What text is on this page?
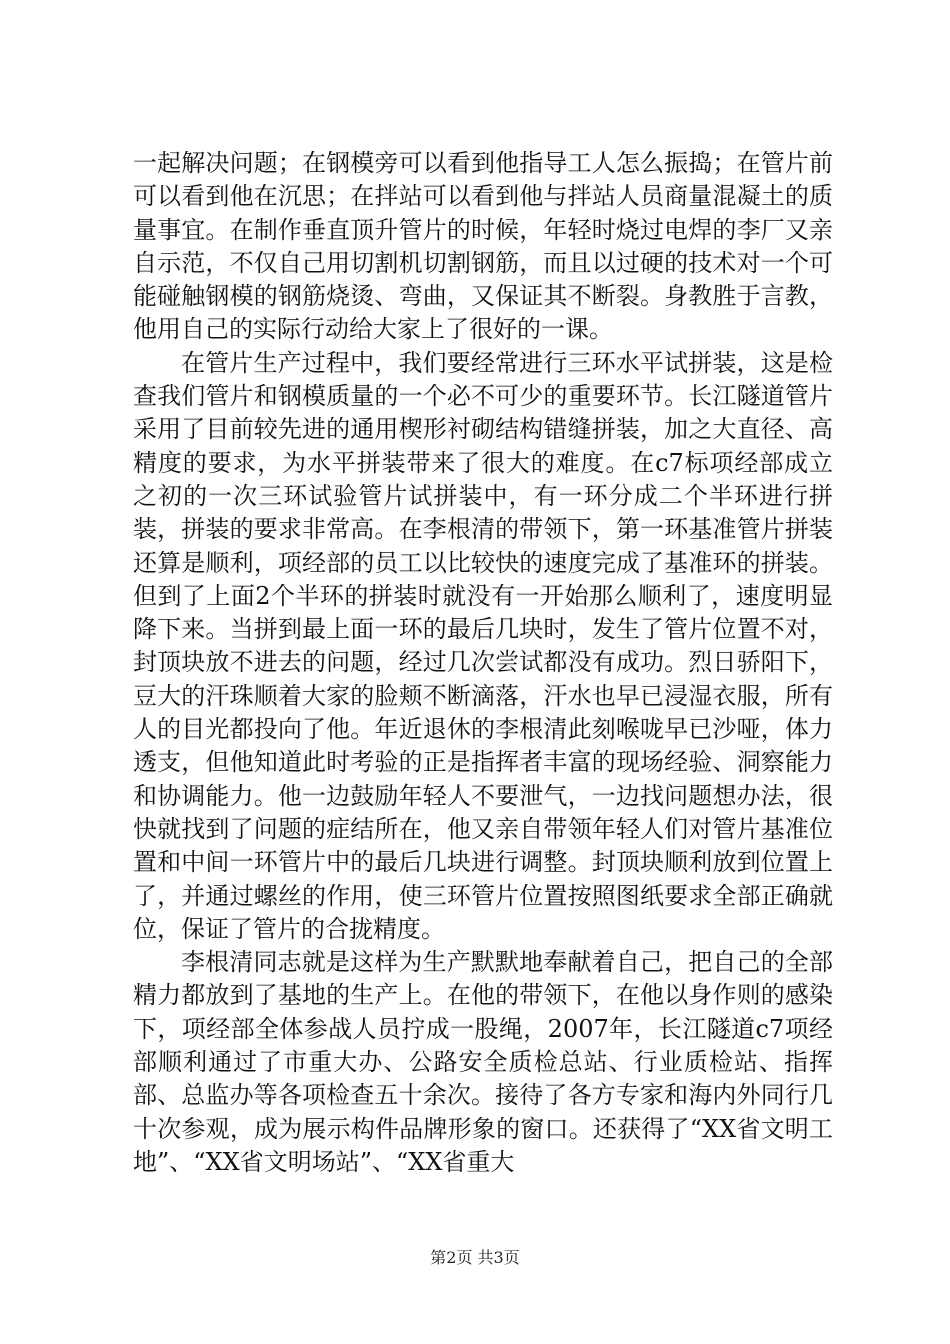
一起解决问题；在钢模旁可以看到他指导工人怎么振捣；在管片前可以看到他在沉思；在拌站可以看到他与拌站人员商量混凝土的质量事宜。在制作垂直顶升管片的时候，年轻时烧过电焊的李厂又亲自示范，不仅自己用切割机切割钢筋，而且以过硬的技术对一个可能碰触钢模的钢筋烧烫、弯曲，又保证其不断裂。身教胜于言教，他用自己的实际行动给大家上了很好的一课。

在管片生产过程中，我们要经常进行三环水平试拼装，这是检查我们管片和钢模质量的一个必不可少的重要环节。长江隧道管片采用了目前较先进的通用楔形衬砌结构错缝拼装，加之大直径、高精度的要求，为水平拼装带来了很大的难度。在c7标项经部成立之初的一次三环试验管片试拼装中，有一环分成二个半环进行拼装，拼装的要求非常高。在李根清的带领下，第一环基准管片拼装还算是顺利，项经部的员工以比较快的速度完成了基准环的拼装。但到了上面2个半环的拼装时就没有一开始那么顺利了，速度明显降下来。当拼到最上面一环的最后几块时，发生了管片位置不对，封顶块放不进去的问题，经过几次尝试都没有成功。烈日骄阳下，豆大的汗珠顺着大家的脸颊不断滴落，汗水也早已浸湿衣服，所有人的目光都投向了他。年近退休的李根清此刻喉咙早已沙哑，体力透支，但他知道此时考验的正是指挥者丰富的现场经验、洞察能力和协调能力。他一边鼓励年轻人不要泄气，一边找问题想办法，很快就找到了问题的症结所在，他又亲自带领年轻人们对管片基准位置和中间一环管片中的最后几块进行调整。封顶块顺利放到位置上了，并通过螺丝的作用，使三环管片位置按照图纸要求全部正确就位，保证了管片的合拢精度。

李根清同志就是这样为生产默默地奉献着自己，把自己的全部精力都放到了基地的生产上。在他的带领下，在他以身作则的感染下，项经部全体参战人员拧成一股绳，2007年，长江隧道c7项经部顺利通过了市重大办、公路安全质检总站、行业质检站、指挥部、总监办等各项检查五十余次。接待了各方专家和海内外同行几十次参观，成为展示构件品牌形象的窗口。还获得了“XX省文明工地”、“XX省文明场站”、“XX省重大

第2页 共3页
